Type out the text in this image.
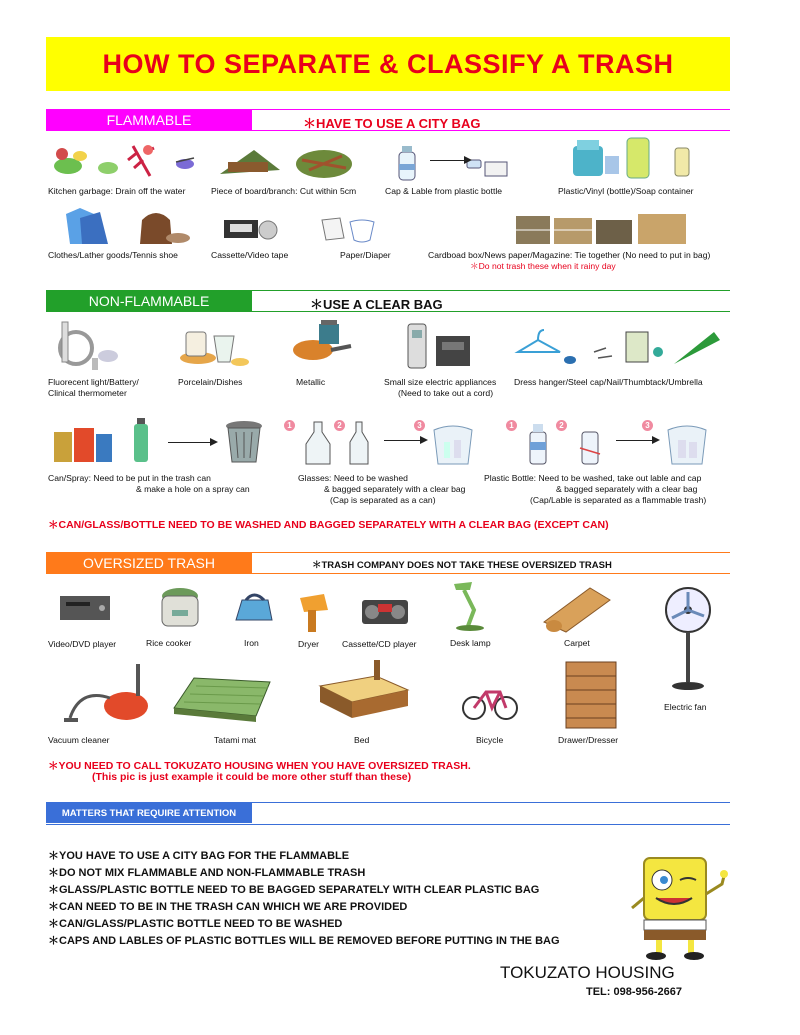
HOW TO SEPARATE & CLASSIFY A TRASH
FLAMMABLE	＊HAVE TO USE A CITY BAG
Kitchen garbage: Drain off the water	Piece of board/branch: Cut within 5cm	Cap & Lable from plastic bottle	Plastic/Vinyl (bottle)/Soap container
Clothes/Lather goods/Tennis shoe	Cassette/Video tape	Paper/Diaper	Cardboad box/News paper/Magazine: Tie together (No need to put in bag)
＊Do not trash these when it rainy day
NON-FLAMMABLE	＊USE A CLEAR BAG
Fluorecent light/Battery/
Clinical thermometer
Porcelain/Dishes	Metallic	Small size electric appliances
(Need to take out a cord)
Dress hanger/Steel cap/Nail/Thumbtack/Umbrella
Can/Spray: Need to be put in the trash can
& make a hole on a spray can
1	2	3
Glasses: Need to be washed
& bagged separately with a clear bag
(Cap is separated as a can)
1	2	3
Plastic Bottle: Need to be washed, take out lable and cap
& bagged separately with a clear bag
(Cap/Lable is separated as a flammable trash)
＊CAN/GLASS/BOTTLE NEED TO BE WASHED AND BAGGED SEPARATELY WITH A CLEAR BAG (EXCEPT CAN)
OVERSIZED TRASH	＊TRASH COMPANY DOES NOT TAKE THESE OVERSIZED TRASH
Video/DVD player	Rice cooker	Iron	Dryer	Cassette/CD player	Desk lamp	Carpet
Electric fan
Vacuum cleaner	Tatami mat	Bed	Bicycle	Drawer/Dresser
＊YOU NEED TO CALL TOKUZATO HOUSING WHEN YOU HAVE OVERSIZED TRASH.
(This pic is just example it could be more other stuff than these)
MATTERS THAT REQUIRE ATTENTION
＊YOU HAVE TO USE A CITY BAG FOR THE FLAMMABLE
＊DO NOT MIX FLAMMABLE AND NON-FLAMMABLE TRASH
＊GLASS/PLASTIC BOTTLE NEED TO BE BAGGED SEPARATELY WITH CLEAR PLASTIC BAG
＊CAN NEED TO BE IN THE TRASH CAN WHICH WE ARE PROVIDED
＊CAN/GLASS/PLASTIC BOTTLE NEED TO BE WASHED
＊CAPS AND LABLES OF PLASTIC BOTTLES WILL BE REMOVED BEFORE PUTTING IN THE BAG
TOKUZATO HOUSING
TEL: 098-956-2667
